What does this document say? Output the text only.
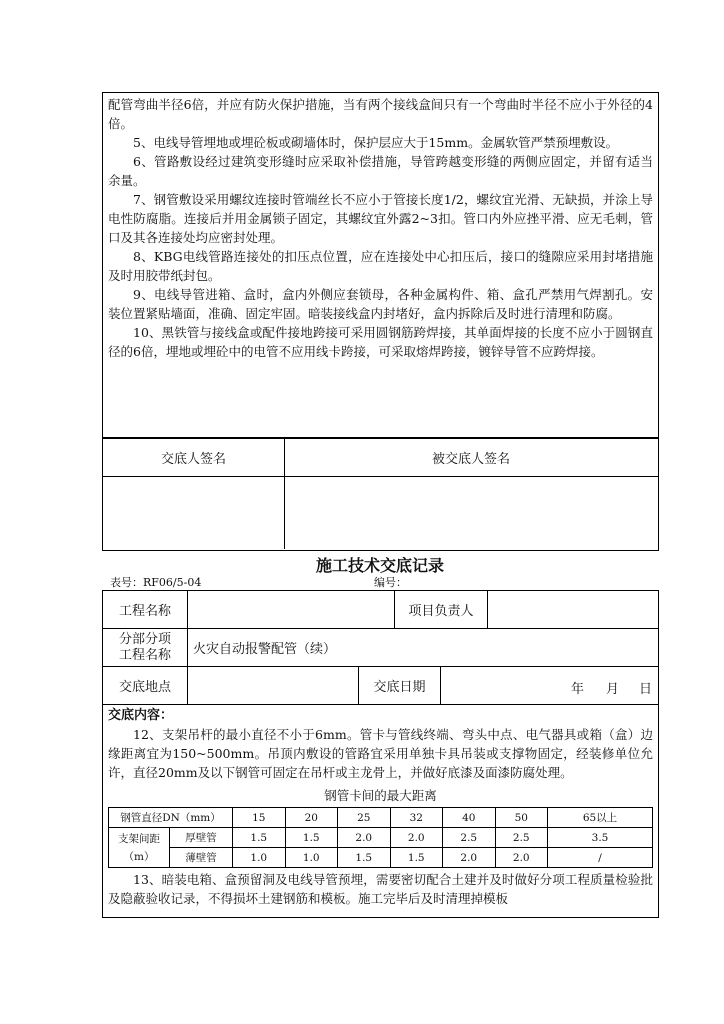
配管弯曲半径6倍，并应有防火保护措施，当有两个接线盒间只有一个弯曲时半径不应小于外径的4倍。

5、电线导管埋地或埋砼板或砌墙体时，保护层应大于15mm。金属软管严禁预埋敷设。

6、管路敷设经过建筑变形缝时应采取补偿措施，导管跨越变形缝的两侧应固定，并留有适当余量。

7、钢管敷设采用螺纹连接时管端丝长不应小于管接长度1/2，螺纹宜光滑、无缺损，并涂上导电性防腐脂。连接后并用金属锁子固定，其螺纹宜外露2~3扣。管口内外应挫平滑、应无毛刺，管口及其各连接处均应密封处理。

8、KBG电线管路连接处的扣压点位置，应在连接处中心扣压后，接口的缝隙应采用封堵措施及时用胶带纸封包。

9、电线导管进箱、盒时，盒内外侧应套锁母，各种金属构件、箱、盒孔严禁用气焊割孔。安装位置紧贴墙面，准确、固定牢固。暗装接线盒内封堵好，盒内拆除后及时进行清理和防腐。

10、黑铁管与接线盒或配件接地跨接可采用圆钢筋跨焊接，其单面焊接的长度不应小于圆钢直径的6倍，埋地或埋砼中的电管不应用线卡跨接，可采取熔焊跨接，镀锌导管不应跨焊接。

交底人签名	被交底人签名
施工技术交底记录
表号：RF06/5-04	编号：
工程名称	项目负责人
分部分项
工程名称 火灾自动报警配管（续）
交底地点	交底日期	年 月 日
交底内容：

12、支架吊杆的最小直径不小于6mm。管卡与管线终端、弯头中点、电气器具或箱（盒）边缘距离宜为150~500mm。吊顶内敷设的管路宜采用单独卡具吊装或支撑物固定，经装修单位允许，直径20mm及以下钢管可固定在吊杆或主龙骨上，并做好底漆及面漆防腐处理。

钢管卡间的最大距离
钢管直径DN（mm）		15	20	25	32	40	50	65以上
支架间距
（m）	厚壁管	1.5	1.5	2.0	2.0	2.5	2.5	3.5
	薄壁管	1.0	1.0	1.5	1.5	2.0	2.0	/

13、暗装电箱、盒预留洞及电线导管预埋，需要密切配合土建并及时做好分项工程质量检验批及隐蔽验收记录，不得损坏土建钢筋和模板。施工完毕后及时清理掉模板
